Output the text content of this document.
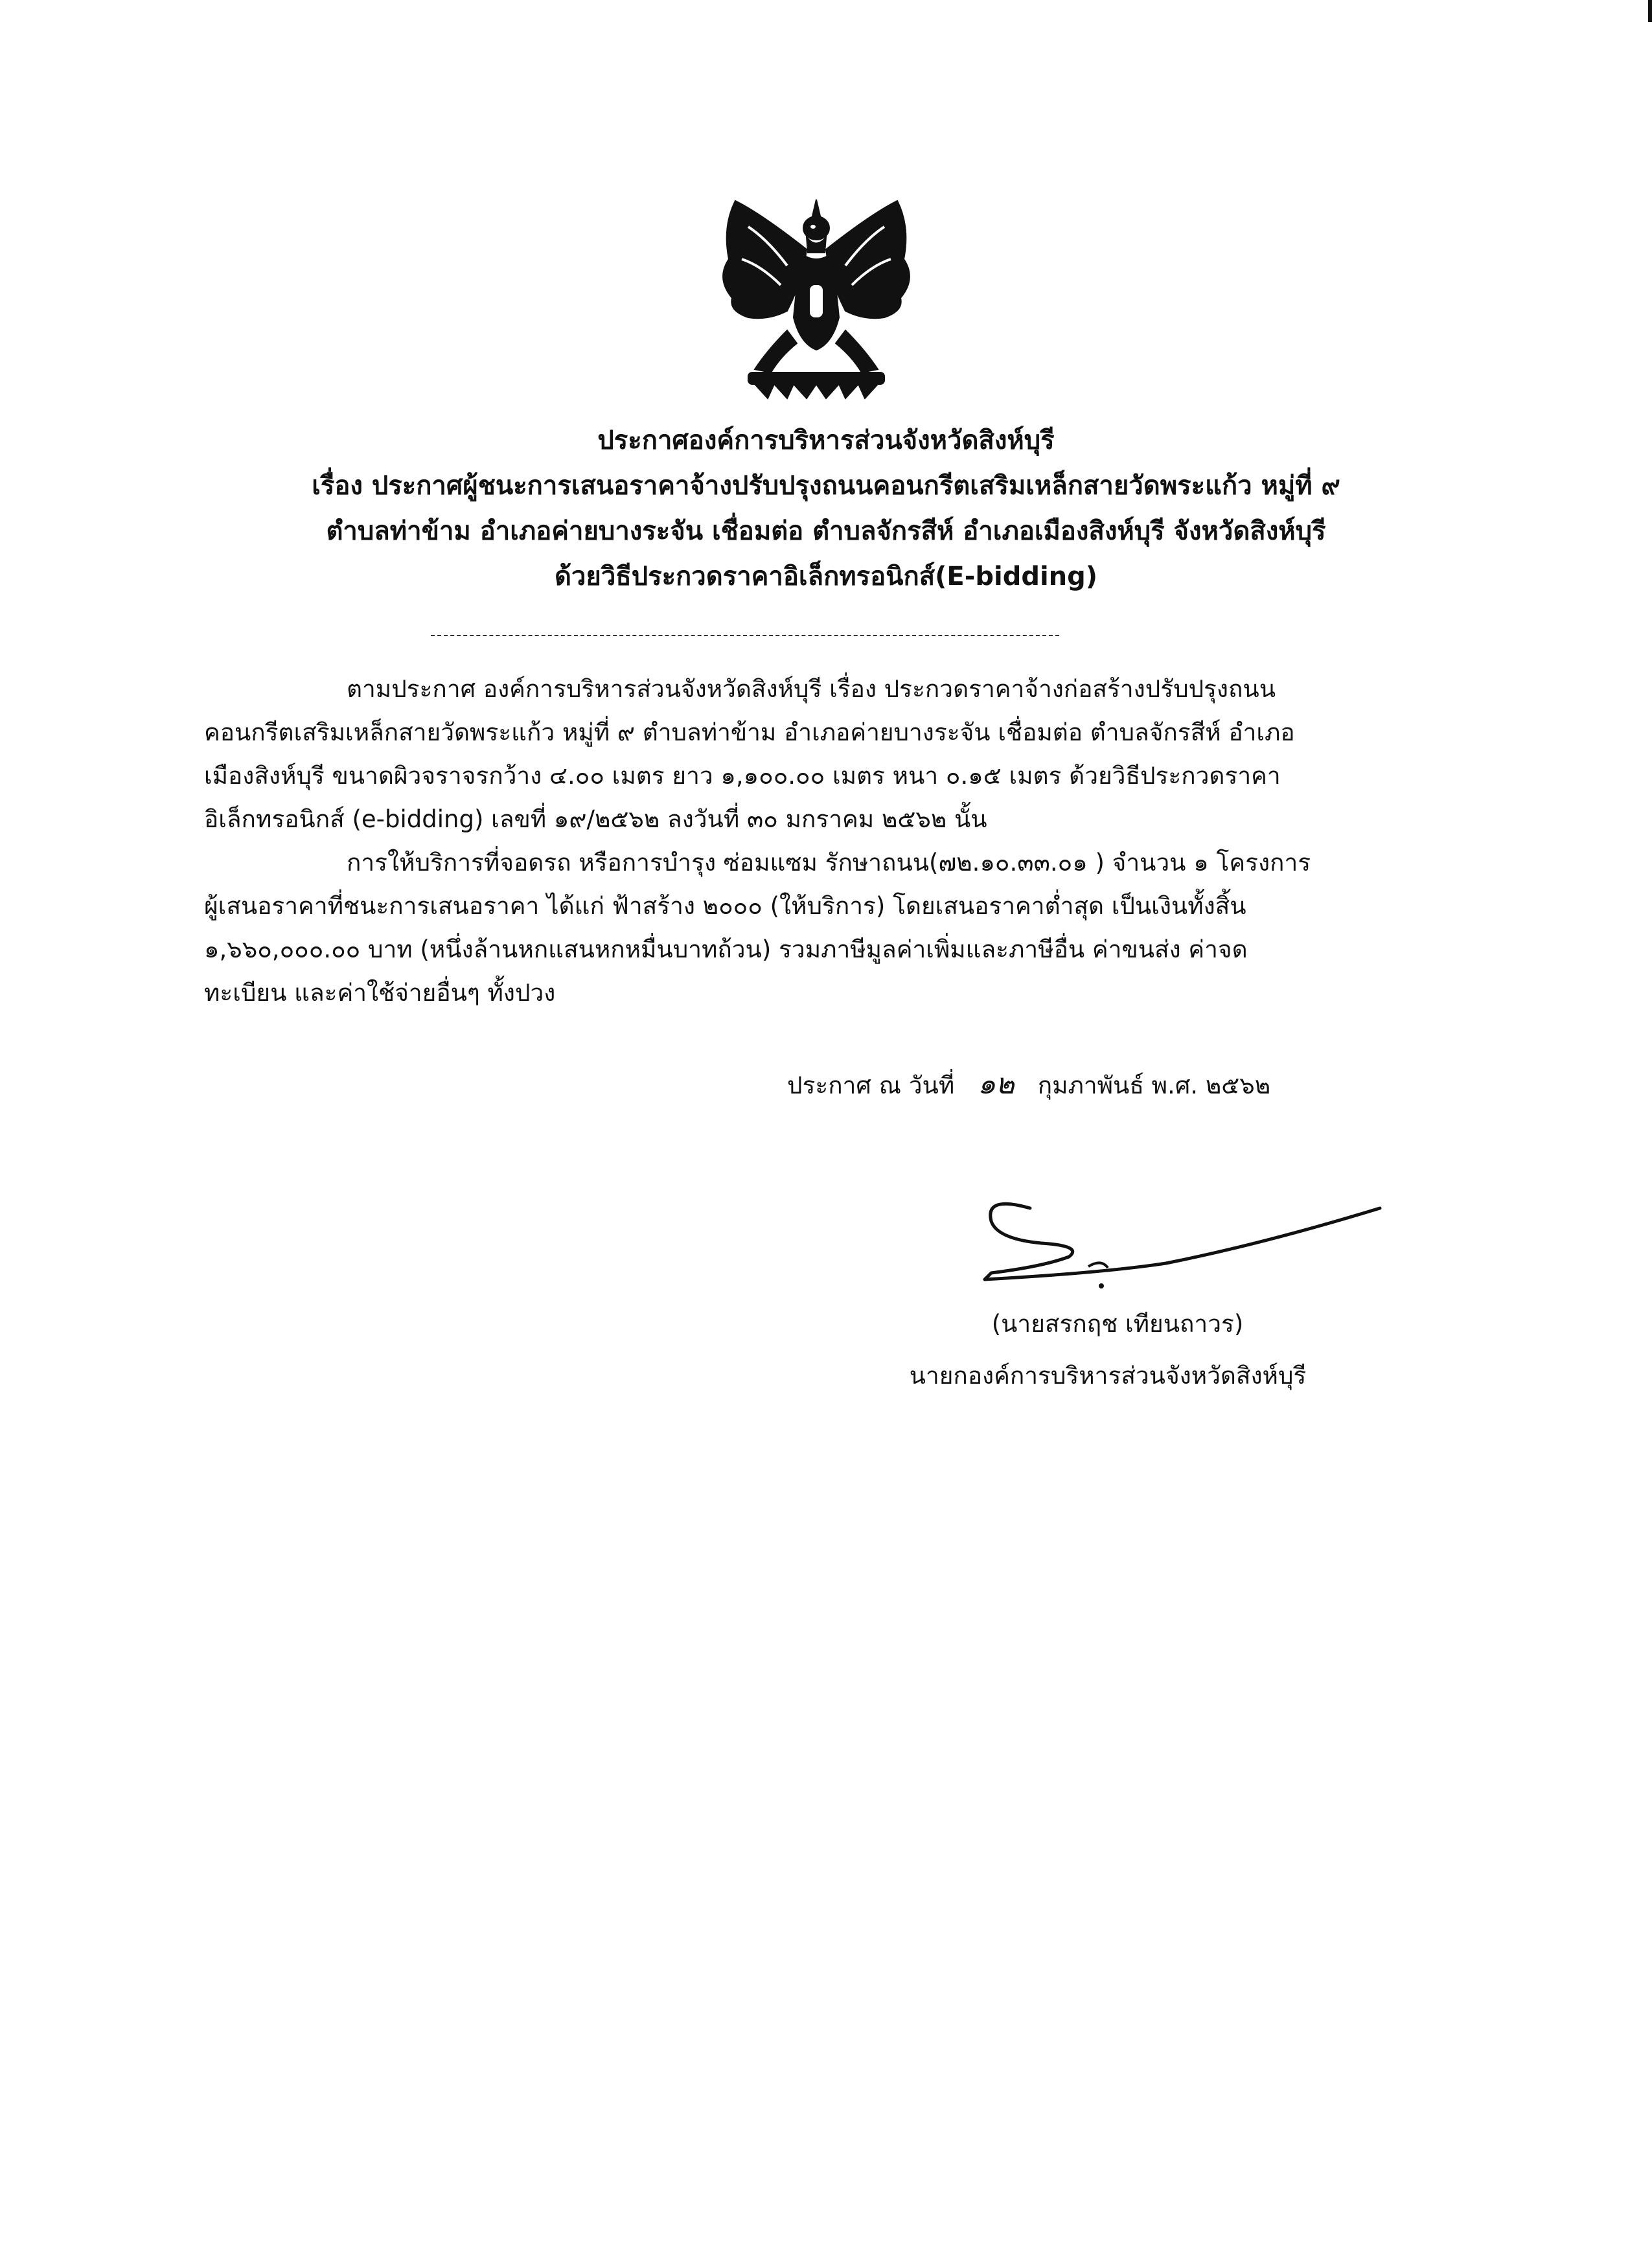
ประกาศองค์การบริหารส่วนจังหวัดสิงห์บุรี
เรื่อง ประกาศผู้ชนะการเสนอราคาจ้างปรับปรุงถนนคอนกรีตเสริมเหล็กสายวัดพระแก้ว หมู่ที่ ๙
ตำบลท่าข้าม อำเภอค่ายบางระจัน เชื่อมต่อ ตำบลจักรสีห์ อำเภอเมืองสิงห์บุรี จังหวัดสิงห์บุรี
ด้วยวิธีประกวดราคาอิเล็กทรอนิกส์(E-bidding)
ตามประกาศ องค์การบริหารส่วนจังหวัดสิงห์บุรี เรื่อง ประกวดราคาจ้างก่อสร้างปรับปรุงถนน
คอนกรีตเสริมเหล็กสายวัดพระแก้ว หมู่ที่ ๙ ตำบลท่าข้าม อำเภอค่ายบางระจัน เชื่อมต่อ ตำบลจักรสีห์ อำเภอ
เมืองสิงห์บุรี ขนาดผิวจราจรกว้าง ๔.๐๐ เมตร ยาว ๑,๑๐๐.๐๐ เมตร หนา ๐.๑๕ เมตร ด้วยวิธีประกวดราคา
อิเล็กทรอนิกส์ (e-bidding) เลขที่ ๑๙/๒๕๖๒ ลงวันที่ ๓๐ มกราคม ๒๕๖๒ นั้น
การให้บริการที่จอดรถ หรือการบำรุง ซ่อมแซม รักษาถนน(๗๒.๑๐.๓๓.๐๑ ) จำนวน ๑ โครงการ
ผู้เสนอราคาที่ชนะการเสนอราคา ได้แก่ ฟ้าสร้าง ๒๐๐๐ (ให้บริการ) โดยเสนอราคาต่ำสุด เป็นเงินทั้งสิ้น
๑,๖๖๐,๐๐๐.๐๐ บาท (หนึ่งล้านหกแสนหกหมื่นบาทถ้วน) รวมภาษีมูลค่าเพิ่มและภาษีอื่น ค่าขนส่ง ค่าจด
ทะเบียน และค่าใช้จ่ายอื่นๆ ทั้งปวง
ประกาศ ณ วันที่ ๑๒ กุมภาพันธ์ พ.ศ. ๒๕๖๒
(นายสรกฤช เทียนถาวร)
นายกองค์การบริหารส่วนจังหวัดสิงห์บุรี
